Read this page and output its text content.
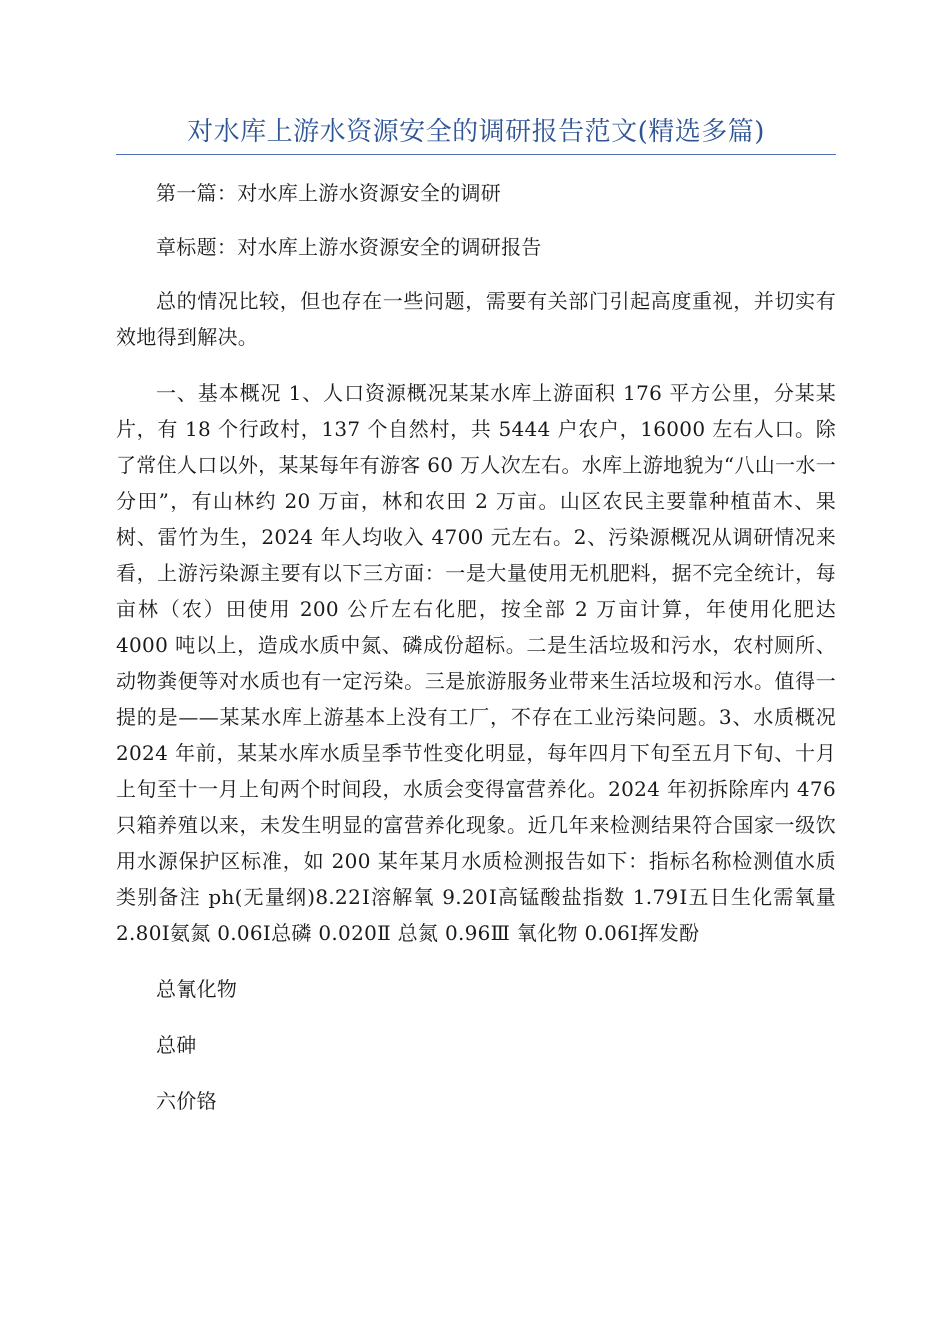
对水库上游水资源安全的调研报告范文(精选多篇)

第一篇：对水库上游水资源安全的调研

章标题：对水库上游水资源安全的调研报告

总的情况比较，但也存在一些问题，需要有关部门引起高度重视，并切实有效地得到解决。

一、基本概况 1、人口资源概况某某水库上游面积 176 平方公里，分某某片，有 18 个行政村，137 个自然村，共 5444 户农户，16000 左右人口。除了常住人口以外，某某每年有游客 60 万人次左右。水库上游地貌为“八山一水一分田”，有山林约 20 万亩，林和农田 2 万亩。山区农民主要靠种植苗木、果树、雷竹为生，2024 年人均收入 4700 元左右。2、污染源概况从调研情况来看，上游污染源主要有以下三方面：一是大量使用无机肥料，据不完全统计，每亩林（农）田使用 200 公斤左右化肥，按全部 2 万亩计算，年使用化肥达 4000 吨以上，造成水质中氮、磷成份超标。二是生活垃圾和污水，农村厕所、动物粪便等对水质也有一定污染。三是旅游服务业带来生活垃圾和污水。值得一提的是——某某水库上游基本上没有工厂，不存在工业污染问题。3、水质概况 2024 年前，某某水库水质呈季节性变化明显，每年四月下旬至五月下旬、十月上旬至十一月上旬两个时间段，水质会变得富营养化。2024 年初拆除库内 476 只箱养殖以来，未发生明显的富营养化现象。近几年来检测结果符合国家一级饮用水源保护区标准，如 200 某年某月水质检测报告如下：指标名称检测值水质类别备注 ph(无量纲)8.22Ⅰ溶解氧 9.20Ⅰ高锰酸盐指数 1.79Ⅰ五日生化需氧量 2.80Ⅰ氨氮 0.06Ⅰ总磷 0.020Ⅱ 总氮 0.96Ⅲ 氧化物 0.06Ⅰ挥发酚

总氰化物

总砷

六价铬
